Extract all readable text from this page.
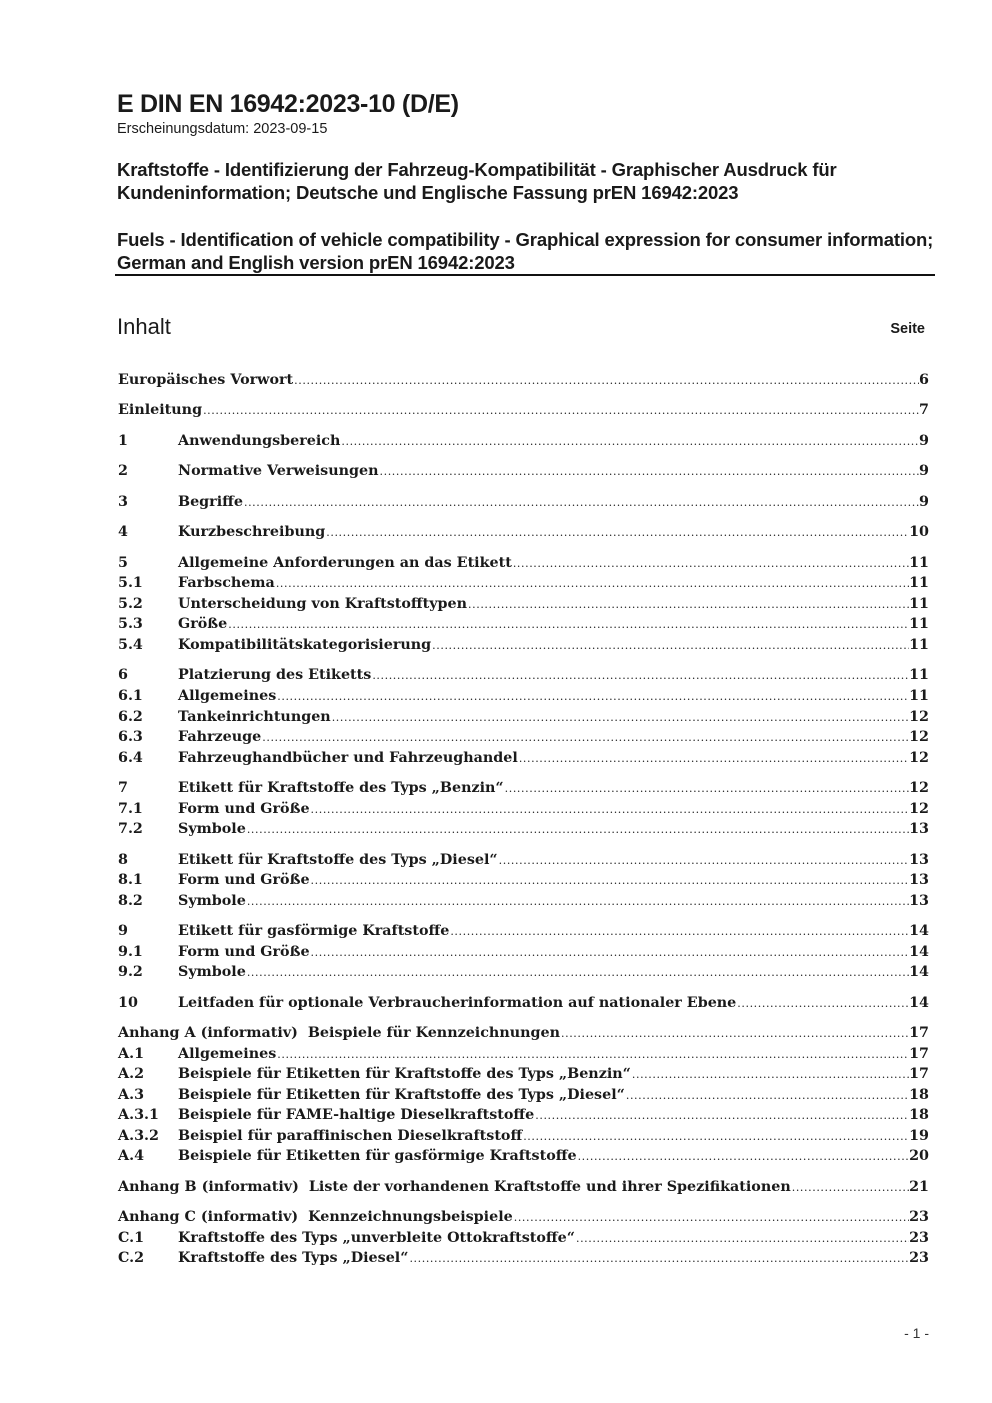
E DIN EN 16942:2023-10 (D/E)
Erscheinungsdatum: 2023-09-15
Kraftstoffe - Identifizierung der Fahrzeug-Kompatibilität - Graphischer Ausdruck für Kundeninformation; Deutsche und Englische Fassung prEN 16942:2023
Fuels - Identification of vehicle compatibility - Graphical expression for consumer information; German and English version prEN 16942:2023
Inhalt	Seite
Europäisches Vorwort .....	6
Einleitung .....	7
1	Anwendungsbereich .....	9
2	Normative Verweisungen .....	9
3	Begriffe .....	9
4	Kurzbeschreibung .....	10
5	Allgemeine Anforderungen an das Etikett .....	11
5.1	Farbschema .....	11
5.2	Unterscheidung von Kraftstofftypen .....	11
5.3	Größe .....	11
5.4	Kompatibilitätskategorisierung .....	11
6	Platzierung des Etiketts .....	11
6.1	Allgemeines .....	11
6.2	Tankeinrichtungen .....	12
6.3	Fahrzeuge .....	12
6.4	Fahrzeughandbücher und Fahrzeughandel .....	12
7	Etikett für Kraftstoffe des Typs „Benzin“ .....	12
7.1	Form und Größe .....	12
7.2	Symbole .....	13
8	Etikett für Kraftstoffe des Typs „Diesel“ .....	13
8.1	Form und Größe .....	13
8.2	Symbole .....	13
9	Etikett für gasförmige Kraftstoffe .....	14
9.1	Form und Größe .....	14
9.2	Symbole .....	14
10	Leitfaden für optionale Verbraucherinformation auf nationaler Ebene .....	14
Anhang A (informativ)  Beispiele für Kennzeichnungen .....	17
A.1	Allgemeines .....	17
A.2	Beispiele für Etiketten für Kraftstoffe des Typs „Benzin“ .....	17
A.3	Beispiele für Etiketten für Kraftstoffe des Typs „Diesel“ .....	18
A.3.1	Beispiele für FAME-haltige Dieselkraftstoffe .....	18
A.3.2	Beispiel für paraffinischen Dieselkraftstoff .....	19
A.4	Beispiele für Etiketten für gasförmige Kraftstoffe .....	20
Anhang B (informativ)  Liste der vorhandenen Kraftstoffe und ihrer Spezifikationen .....	21
Anhang C (informativ)  Kennzeichnungsbeispiele .....	23
C.1	Kraftstoffe des Typs „unverbleite Ottokraftstoffe“ .....	23
C.2	Kraftstoffe des Typs „Diesel“ .....	23
- 1 -
